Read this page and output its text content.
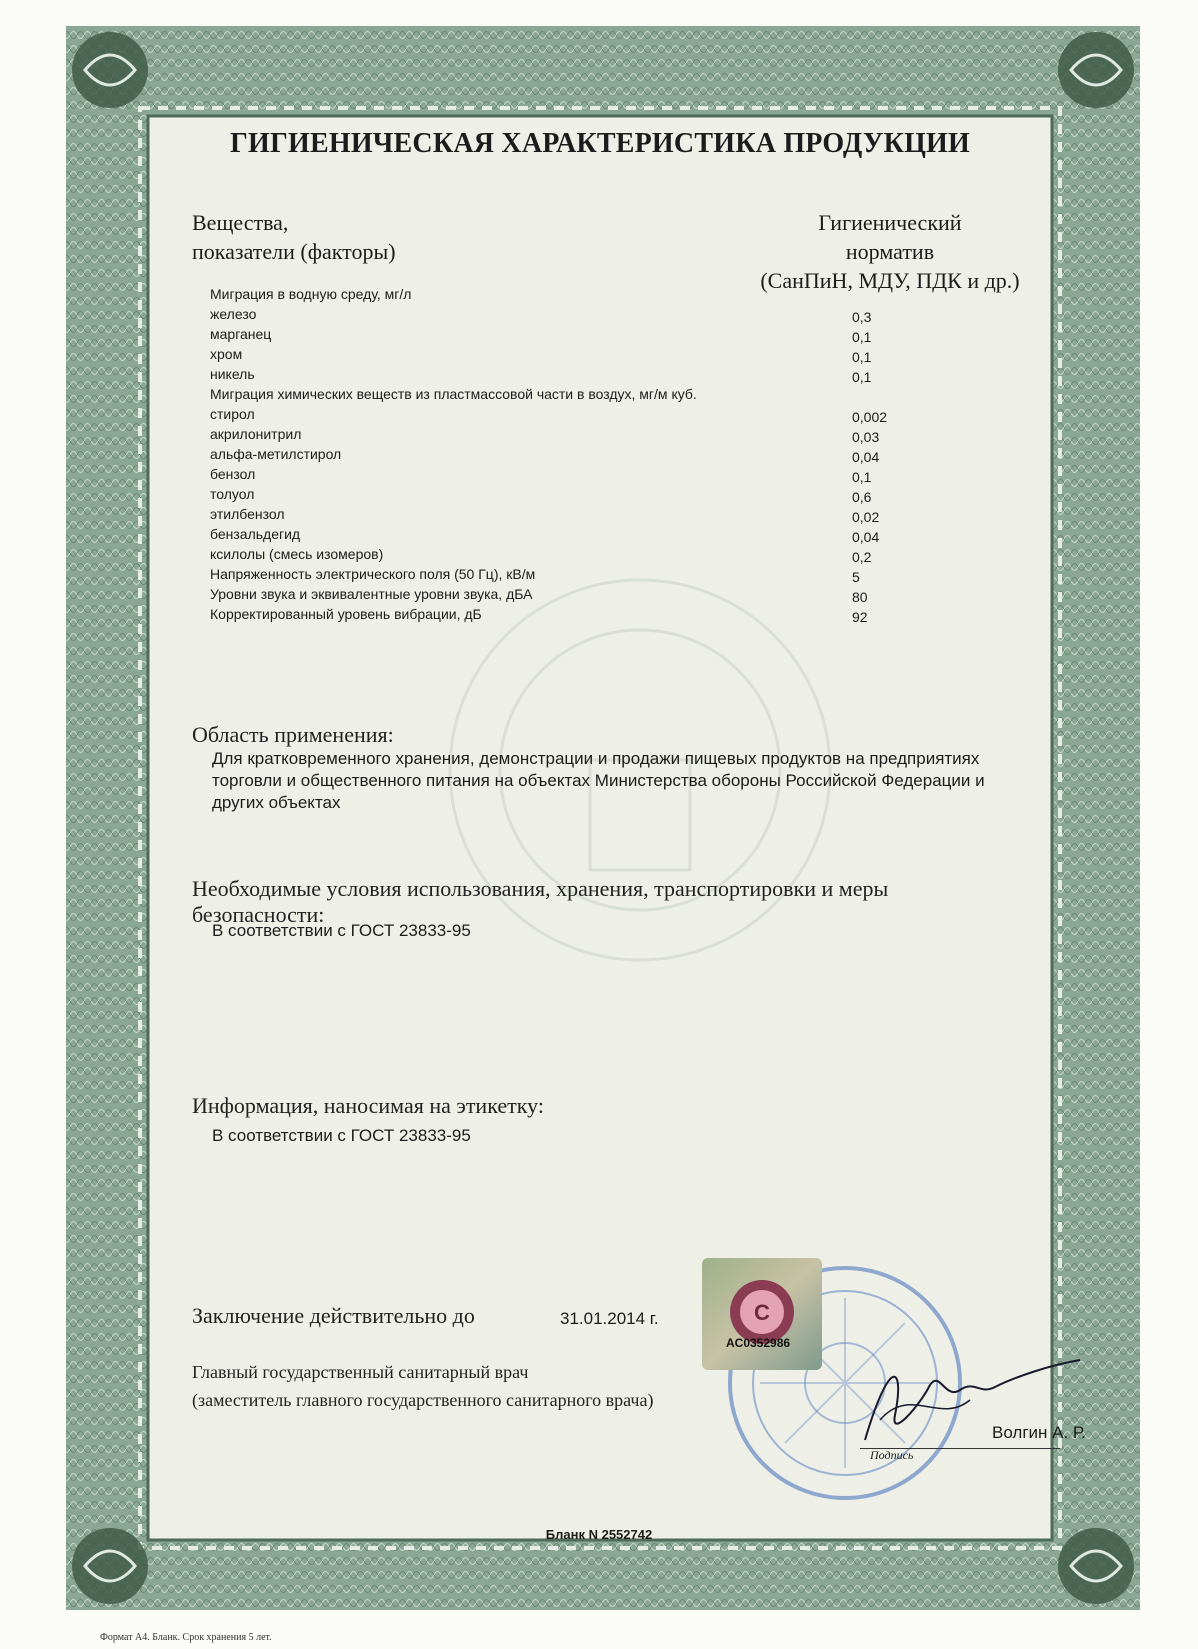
ГИГИЕНИЧЕСКАЯ ХАРАКТЕРИСТИКА ПРОДУКЦИИ
Вещества,
показатели (факторы)
Гигиенический
норматив
(СанПиН, МДУ, ПДК и др.)
Миграция в водную среду, мг/л
железо	0,3
марганец	0,1
хром	0,1
никель	0,1
Миграция химических веществ из пластмассовой части в воздух, мг/м куб.
стирол	0,002
акрилонитрил	0,03
альфа-метилстирол	0,04
бензол	0,1
толуол	0,6
этилбензол	0,02
бензальдегид	0,04
ксилолы (смесь изомеров)	0,2
Напряженность электрического поля (50 Гц), кВ/м	5
Уровни звука и эквивалентные уровни звука, дБА	80
Корректированный уровень вибрации, дБ	92
Область применения:
Для кратковременного хранения, демонстрации и продажи пищевых продуктов на предприятиях
торговли и общественного питания на объектах Министерства обороны Российской Федерации и
других объектах
Необходимые условия использования, хранения, транспортировки и меры
безопасности:
В соответствии с ГОСТ 23833-95
Информация, наносимая на этикетку:
В соответствии с ГОСТ 23833-95
Заключение действительно до	31.01.2014 г.
Главный государственный санитарный врач
(заместитель главного государственного санитарного врача)
С
AC0352986
Подпись
Волгин А. Р.
Бланк N 2552742
Формат А4. Бланк. Срок хранения 5 лет.
